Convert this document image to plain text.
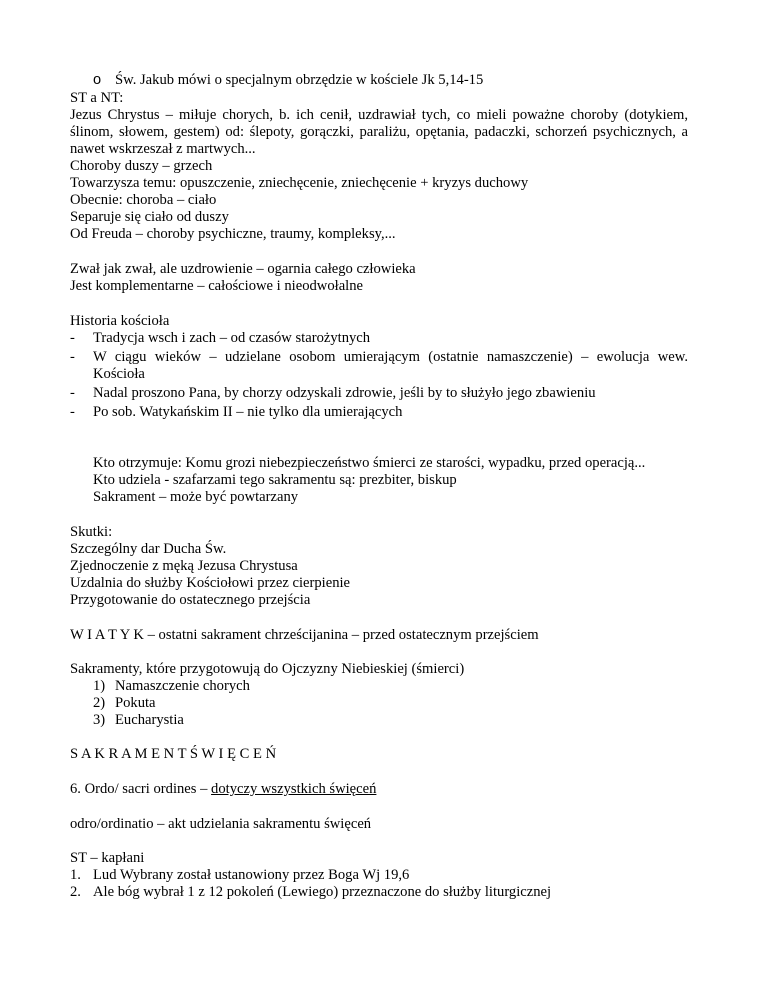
o Św. Jakub mówi o specjalnym obrzędzie w kościele Jk 5,14-15
ST a NT:
Jezus Chrystus – miłuje chorych, b. ich cenił, uzdrawiał tych, co mieli poważne choroby (dotykiem,
ślinom, słowem, gestem) od: ślepoty, gorączki, paraliżu, opętania, padaczki, schorzeń psychicznych, a
nawet wskrzeszał z martwych...
Choroby duszy – grzech
Towarzysza temu: opuszczenie, zniechęcenie, zniechęcenie + kryzys duchowy
Obecnie: choroba – ciało
Separuje się ciało od duszy
Od Freuda – choroby psychiczne, traumy, kompleksy,...
Zwał jak zwał, ale uzdrowienie – ogarnia całego człowieka
Jest komplementarne – całościowe i nieodwołalne
Historia kościoła
- Tradycja wsch i zach – od czasów starożytnych
- W ciągu wieków – udzielane osobom umierającym (ostatnie namaszczenie) – ewolucja wew.
Kościoła
- Nadal proszono Pana, by chorzy odzyskali zdrowie, jeśli by to służyło jego zbawieniu
- Po sob. Watykańskim II – nie tylko dla umierających
Kto otrzymuje: Komu grozi niebezpieczeństwo śmierci ze starości, wypadku, przed operacją...
Kto udziela - szafarzami tego sakramentu są: prezbiter, biskup
Sakrament – może być powtarzany
Skutki:
Szczególny dar Ducha Św.
Zjednoczenie z męką Jezusa Chrystusa
Uzdalnia do służby Kościołowi przez cierpienie
Przygotowanie do ostatecznego przejścia
W I A T Y K – ostatni sakrament chrześcijanina – przed ostatecznym przejściem
Sakramenty, które przygotowują do Ojczyzny Niebieskiej (śmierci)
1) Namaszczenie chorych
2) Pokuta
3) Eucharystia
S A K R A M E N T Ś W I Ę C E Ń
6. Ordo/ sacri ordines – dotyczy wszystkich święceń
odro/ordinatio – akt udzielania sakramentu święceń
ST – kapłani
1. Lud Wybrany został ustanowiony przez Boga Wj 19,6
2. Ale bóg wybrał 1 z 12 pokoleń (Lewiego) przeznaczone do służby liturgicznej
